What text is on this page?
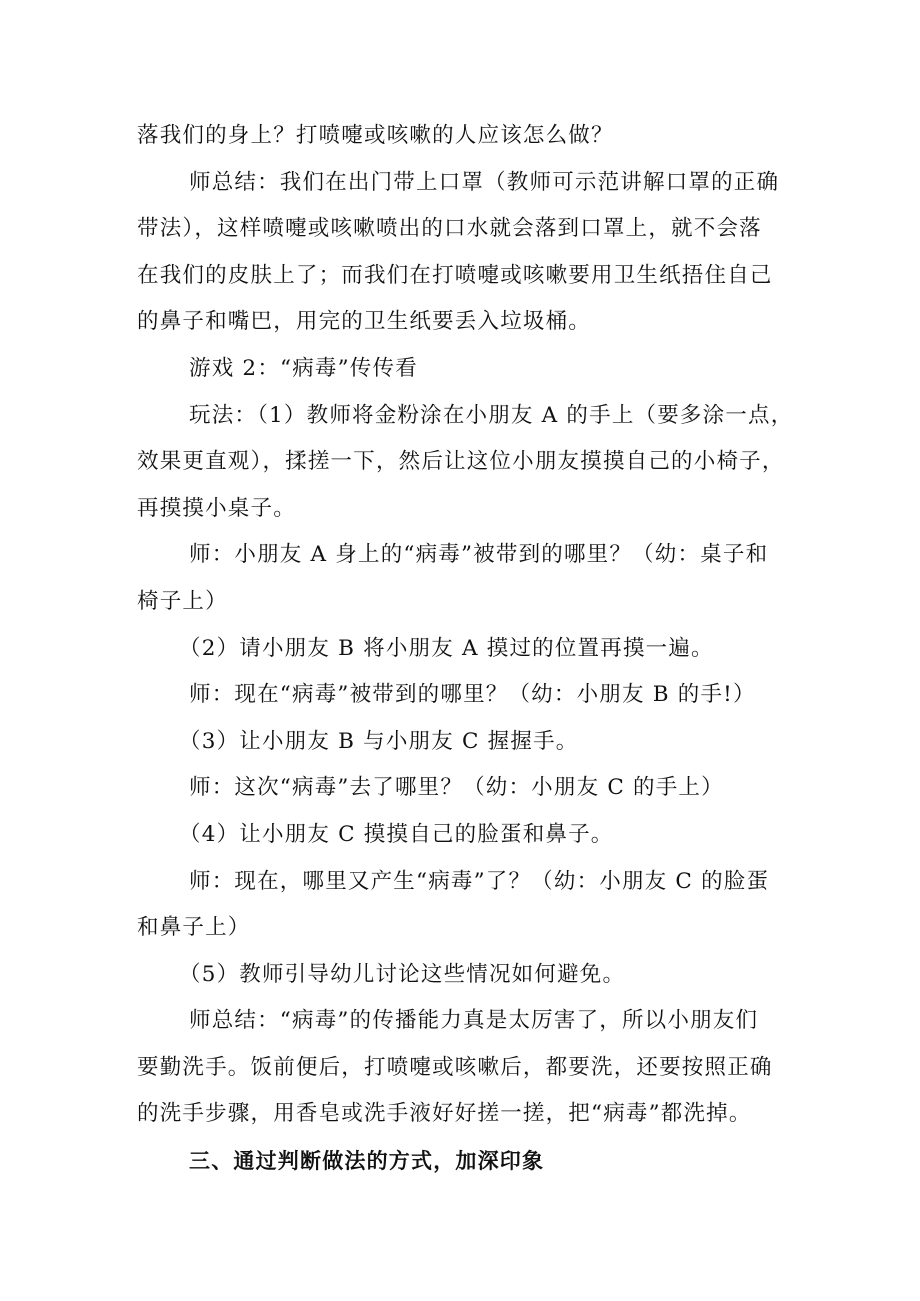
落我们的身上？打喷嚏或咳嗽的人应该怎么做？
师总结：我们在出门带上口罩（教师可示范讲解口罩的正确
带法），这样喷嚏或咳嗽喷出的口水就会落到口罩上，就不会落
在我们的皮肤上了；而我们在打喷嚏或咳嗽要用卫生纸捂住自己
的鼻子和嘴巴，用完的卫生纸要丢入垃圾桶。
游戏 2：“病毒”传传看
玩法：（1）教师将金粉涂在小朋友 A 的手上（要多涂一点，
效果更直观），揉搓一下，然后让这位小朋友摸摸自己的小椅子，
再摸摸小桌子。
师：小朋友 A 身上的“病毒”被带到的哪里？（幼：桌子和
椅子上）
（2）请小朋友 B 将小朋友 A 摸过的位置再摸一遍。
师：现在“病毒”被带到的哪里？（幼：小朋友 B 的手!）
（3）让小朋友 B 与小朋友 C 握握手。
师：这次“病毒”去了哪里？（幼：小朋友 C 的手上）
（4）让小朋友 C 摸摸自己的脸蛋和鼻子。
师：现在，哪里又产生“病毒”了？（幼：小朋友 C 的脸蛋
和鼻子上）
（5）教师引导幼儿讨论这些情况如何避免。
师总结：“病毒”的传播能力真是太厉害了，所以小朋友们
要勤洗手。饭前便后，打喷嚏或咳嗽后，都要洗，还要按照正确
的洗手步骤，用香皂或洗手液好好搓一搓，把“病毒”都洗掉。
三、通过判断做法的方式，加深印象
